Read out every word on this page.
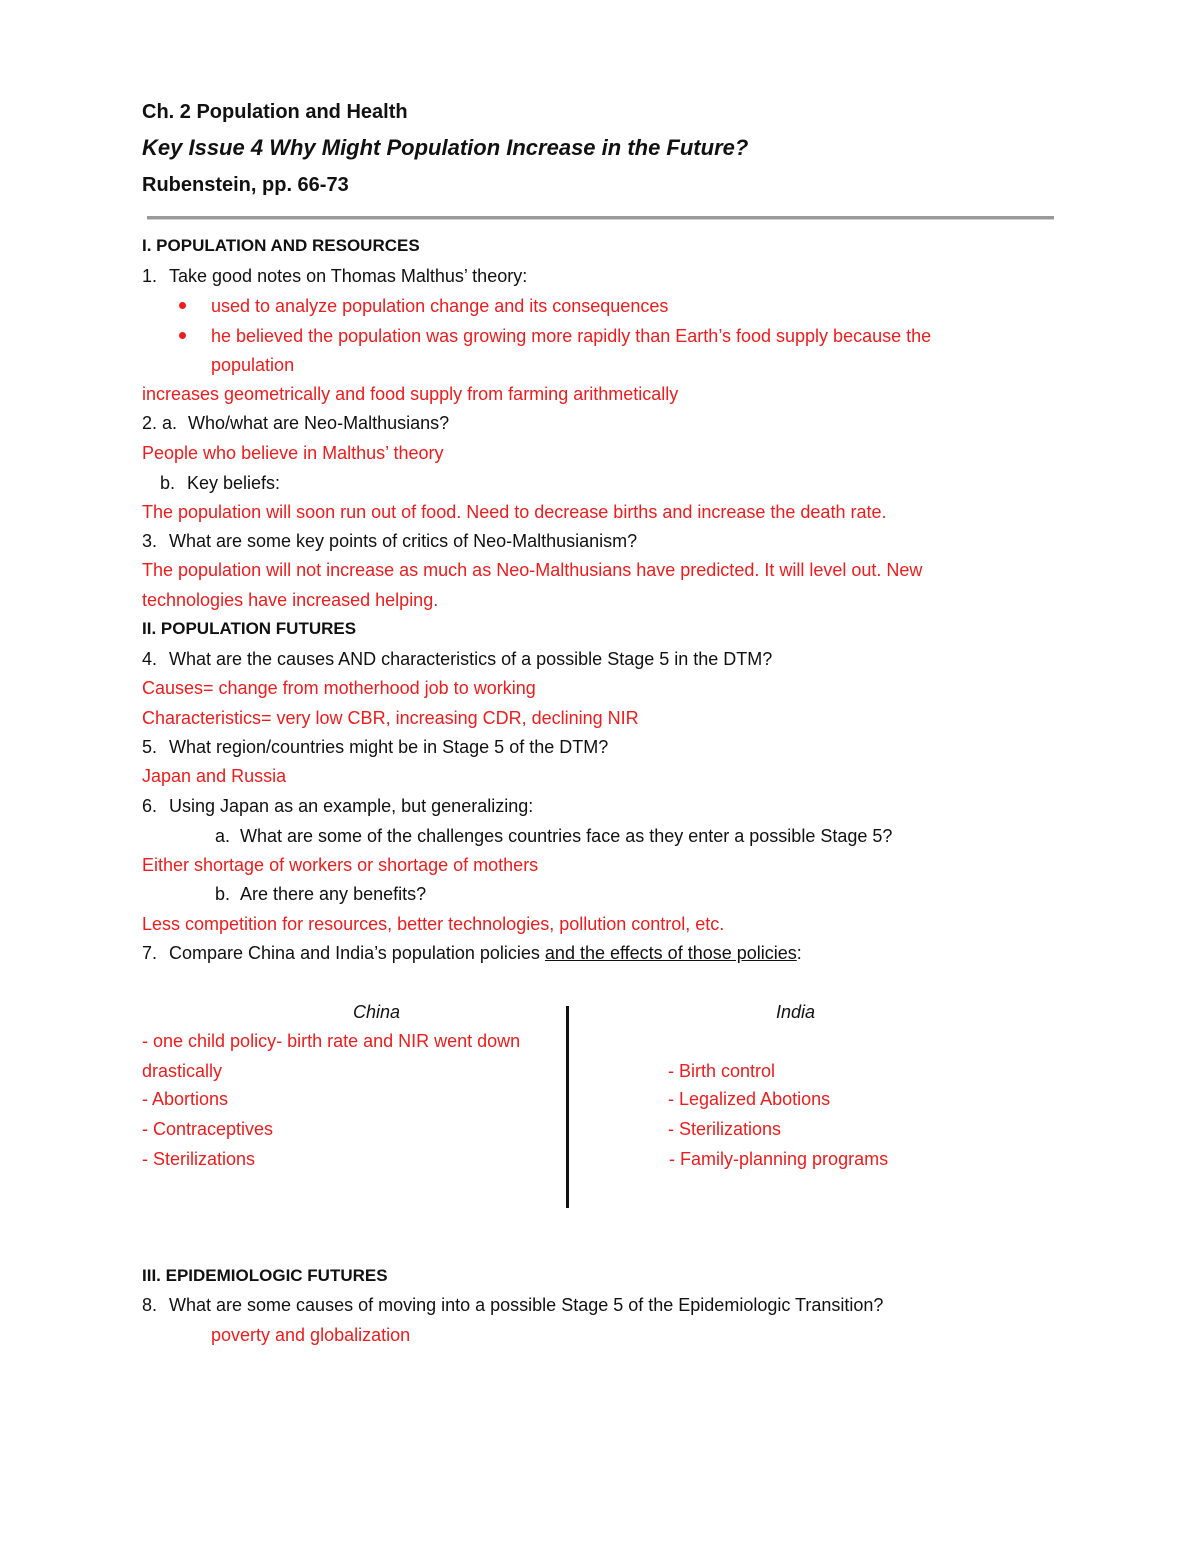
Ch. 2 Population and Health
Key Issue 4 Why Might Population Increase in the Future?
Rubenstein, pp. 66-73
I. POPULATION AND RESOURCES
1. Take good notes on Thomas Malthus’ theory:
used to analyze population change and its consequences
he believed the population was growing more rapidly than Earth’s food supply because the
population
increases geometrically and food supply from farming arithmetically
2. a. Who/what are Neo-Malthusians?
People who believe in Malthus’ theory
b. Key beliefs:
The population will soon run out of food. Need to decrease births and increase the death rate.
3. What are some key points of critics of Neo-Malthusianism?
The population will not increase as much as Neo-Malthusians have predicted. It will level out. New
technologies have increased helping.
II. POPULATION FUTURES
4. What are the causes AND characteristics of a possible Stage 5 in the DTM?
Causes= change from motherhood job to working
Characteristics= very low CBR, increasing CDR, declining NIR
5. What region/countries might be in Stage 5 of the DTM?
Japan and Russia
6. Using Japan as an example, but generalizing:
a. What are some of the challenges countries face as they enter a possible Stage 5?
Either shortage of workers or shortage of mothers
b. Are there any benefits?
Less competition for resources, better technologies, pollution control, etc.
7. Compare China and India’s population policies and the effects of those policies:
China	India
- one child policy- birth rate and NIR went down
drastically
- Abortions
- Contraceptives
- Sterilizations
- Birth control
- Legalized Abotions
- Sterilizations
- Family-planning programs
III. EPIDEMIOLOGIC FUTURES
8. What are some causes of moving into a possible Stage 5 of the Epidemiologic Transition?
poverty and globalization
